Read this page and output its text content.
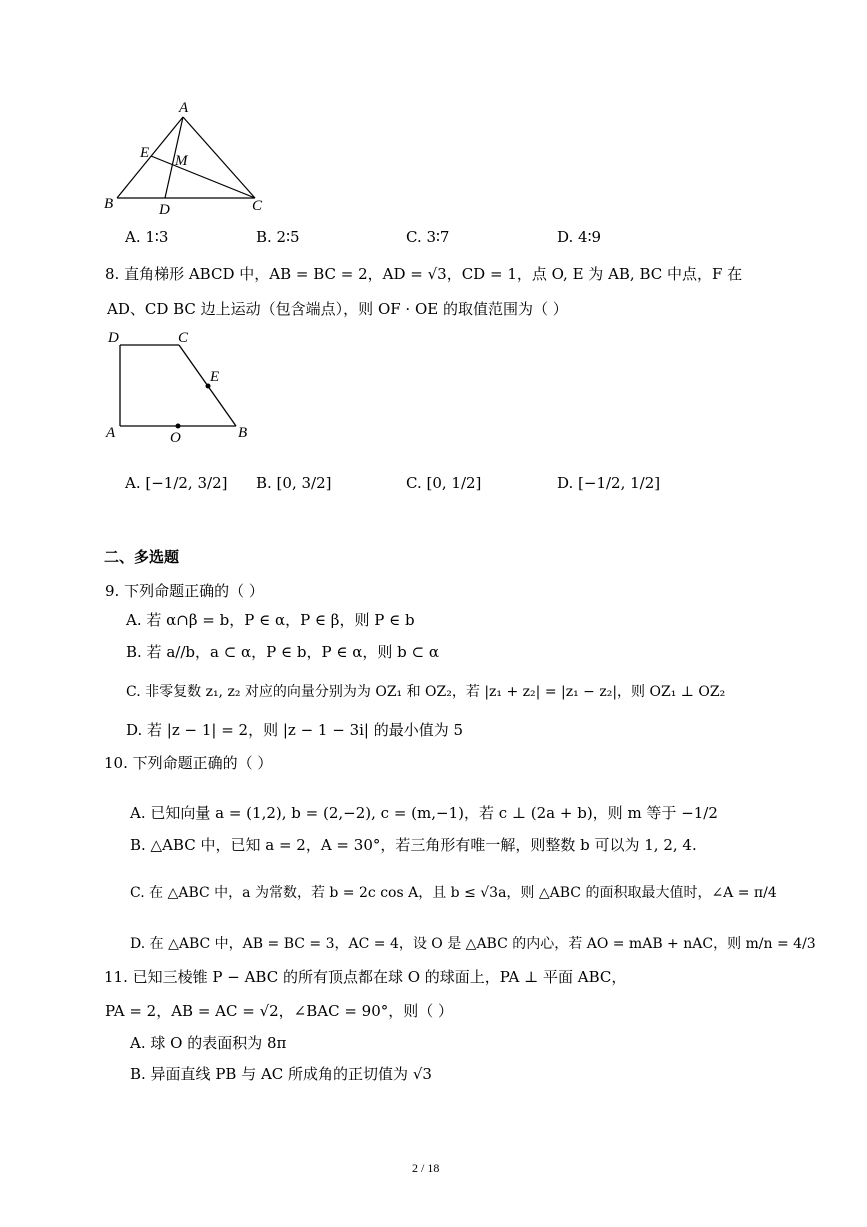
A
E M
B	D	C
A. 1∶3	B. 2∶5	C. 3∶7	D. 4∶9
8. 直角梯形 ABCD 中，AB = BC = 2，AD = √3，CD = 1，点 O, E 为 AB, BC 中点，F 在
AD、CD BC 边上运动（包含端点），则 OF · OE 的取值范围为（ ）
D	C
E
A	O	B
A. [−1/2, 3/2] B. [0, 3/2]	C. [0, 1/2]	D. [−1/2, 1/2]
二、多选题
9. 下列命题正确的（ ）
A. 若 α∩β = b，P ∈ α，P ∈ β，则 P ∈ b
B. 若 a//b，a ⊂ α，P ∈ b，P ∈ α，则 b ⊂ α
C. 非零复数 z₁, z₂ 对应的向量分别为为 OZ₁ 和 OZ₂，若 |z₁ + z₂| = |z₁ − z₂|，则 OZ₁ ⊥ OZ₂
D. 若 |z − 1| = 2，则 |z − 1 − 3i| 的最小值为 5
10. 下列命题正确的（ ）
A. 已知向量 a = (1,2), b = (2,−2), c = (m,−1)，若 c ⊥ (2a + b)，则 m 等于 −1/2
B. △ABC 中，已知 a = 2，A = 30°，若三角形有唯一解，则整数 b 可以为 1, 2, 4.
C. 在 △ABC 中，a 为常数，若 b = 2c cos A，且 b ≤ √3a，则 △ABC 的面积取最大值时，∠A = π/4
D. 在 △ABC 中，AB = BC = 3，AC = 4，设 O 是 △ABC 的内心，若 AO = mAB + nAC，则 m/n = 4/3
11. 已知三棱锥 P − ABC 的所有顶点都在球 O 的球面上，PA ⊥ 平面 ABC，
PA = 2，AB = AC = √2，∠BAC = 90°，则（ ）
A. 球 O 的表面积为 8π
B. 异面直线 PB 与 AC 所成角的正切值为 √3
2 / 18
